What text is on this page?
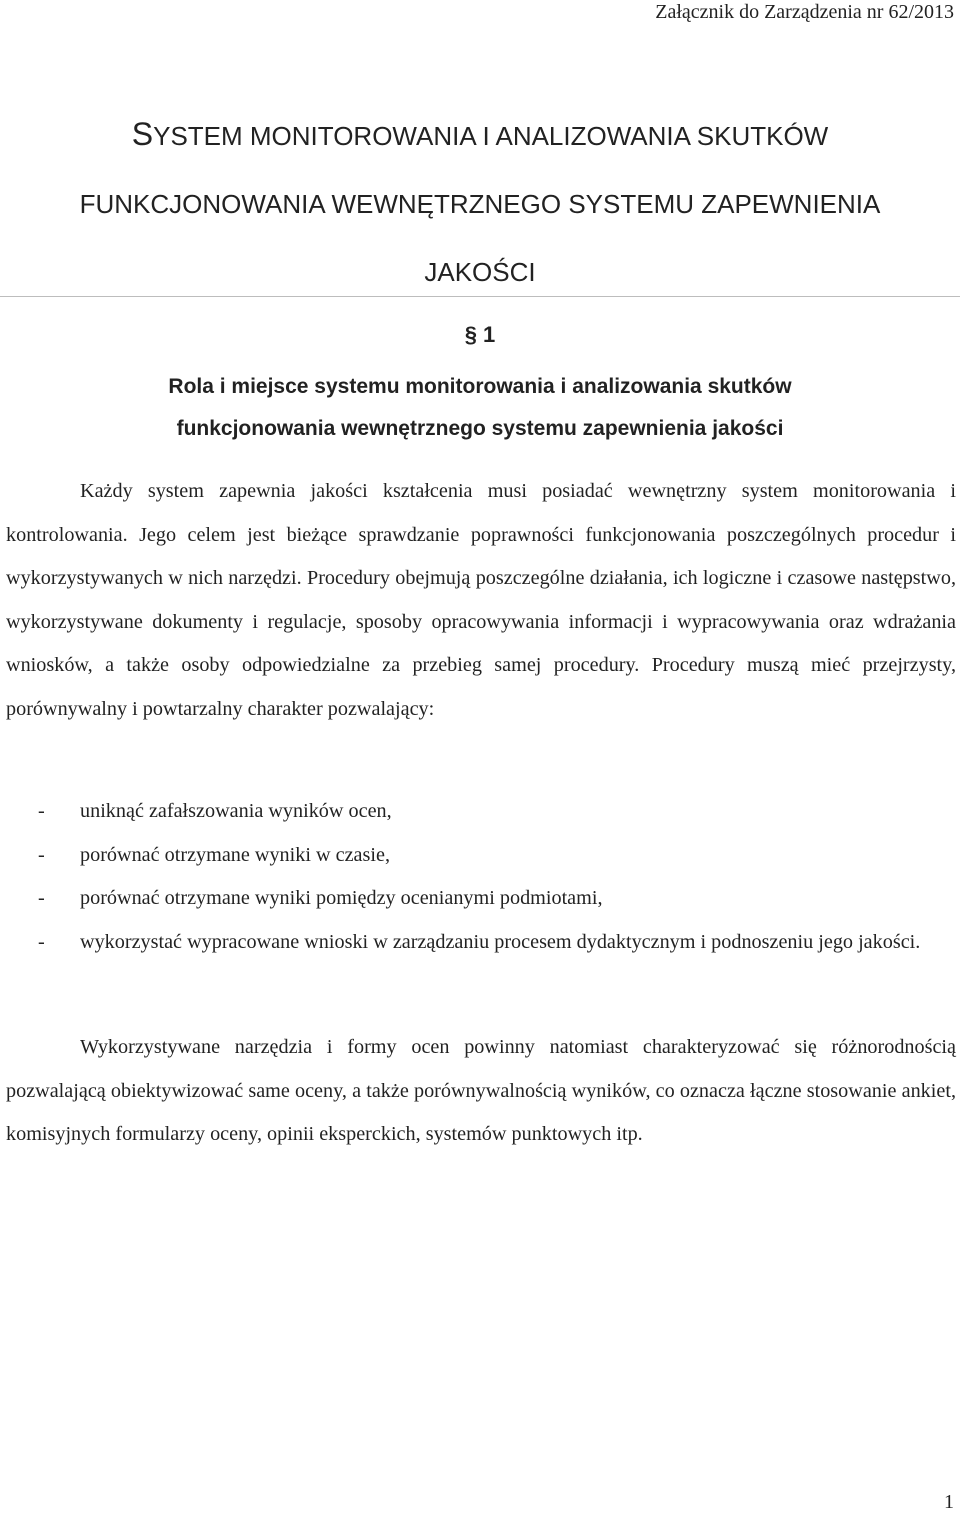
Załącznik do Zarządzenia nr 62/2013
SYSTEM MONITOROWANIA I ANALIZOWANIA SKUTKÓW
FUNKCJONOWANIA WEWNĘTRZNEGO SYSTEMU ZAPEWNIENIA
JAKOŚCI
§ 1
Rola i miejsce systemu monitorowania i analizowania skutków
funkcjonowania wewnętrznego systemu zapewnienia jakości

Każdy system zapewnia jakości kształcenia musi posiadać wewnętrzny system monitorowania i kontrolowania. Jego celem jest bieżące sprawdzanie poprawności funkcjonowania poszczególnych procedur i wykorzystywanych w nich narzędzi. Procedury obejmują poszczególne działania, ich logiczne i czasowe następstwo, wykorzystywane dokumenty i regulacje, sposoby opracowywania informacji i wypracowywania oraz wdrażania wniosków, a także osoby odpowiedzialne za przebieg samej procedury. Procedury muszą mieć przejrzysty, porównywalny i powtarzalny charakter pozwalający:

- uniknąć zafałszowania wyników ocen,
- porównać otrzymane wyniki w czasie,
- porównać otrzymane wyniki pomiędzy ocenianymi podmiotami,
- wykorzystać wypracowane wnioski w zarządzaniu procesem dydaktycznym i podnoszeniu jego jakości.

Wykorzystywane narzędzia i formy ocen powinny natomiast charakteryzować się różnorodnością pozwalającą obiektywizować same oceny, a także porównywalnością wyników, co oznacza łączne stosowanie ankiet, komisyjnych formularzy oceny, opinii eksperckich, systemów punktowych itp.

1
